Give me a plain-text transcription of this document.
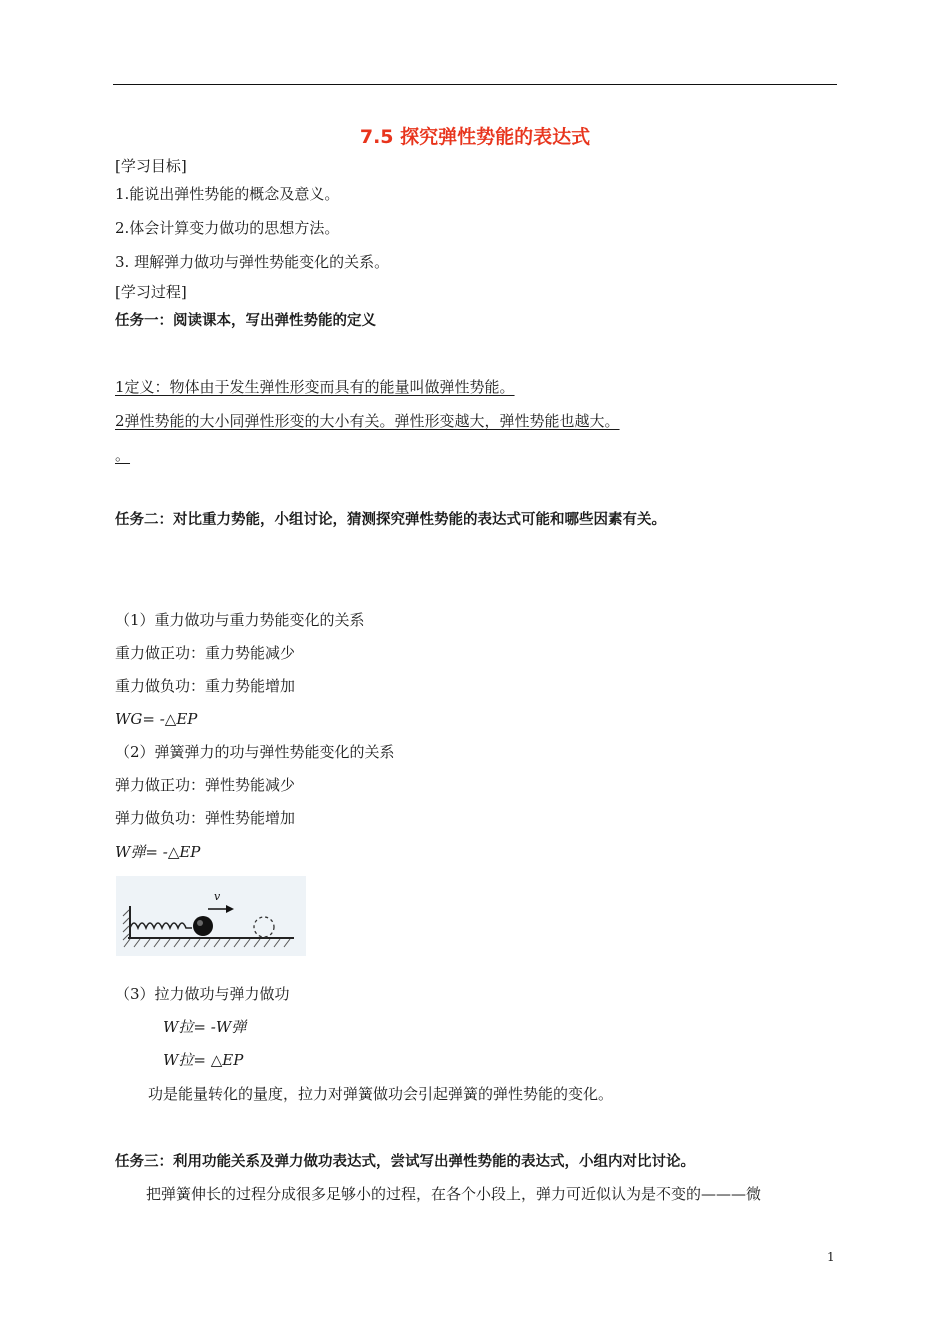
7.5 探究弹性势能的表达式
[学习目标]
1.能说出弹性势能的概念及意义。
2.体会计算变力做功的思想方法。
3. 理解弹力做功与弹性势能变化的关系。
[学习过程]
任务一：阅读课本，写出弹性势能的定义
1定义：物体由于发生弹性形变而具有的能量叫做弹性势能。
2弹性势能的大小同弹性形变的大小有关。弹性形变越大，弹性势能也越大。
。
任务二：对比重力势能，小组讨论，猜测探究弹性势能的表达式可能和哪些因素有关。
（1）重力做功与重力势能变化的关系
重力做正功：重力势能减少
重力做负功：重力势能增加
WG= -△EP
（2）弹簧弹力的功与弹性势能变化的关系
弹力做正功：弹性势能减少
弹力做负功：弹性势能增加
W弹= -△EP
v
（3）拉力做功与弹力做功
W拉= -W弹
W拉= △EP
功是能量转化的量度，拉力对弹簧做功会引起弹簧的弹性势能的变化。
任务三：利用功能关系及弹力做功表达式，尝试写出弹性势能的表达式，小组内对比讨论。
把弹簧伸长的过程分成很多足够小的过程，在各个小段上，弹力可近似认为是不变的———微
1
